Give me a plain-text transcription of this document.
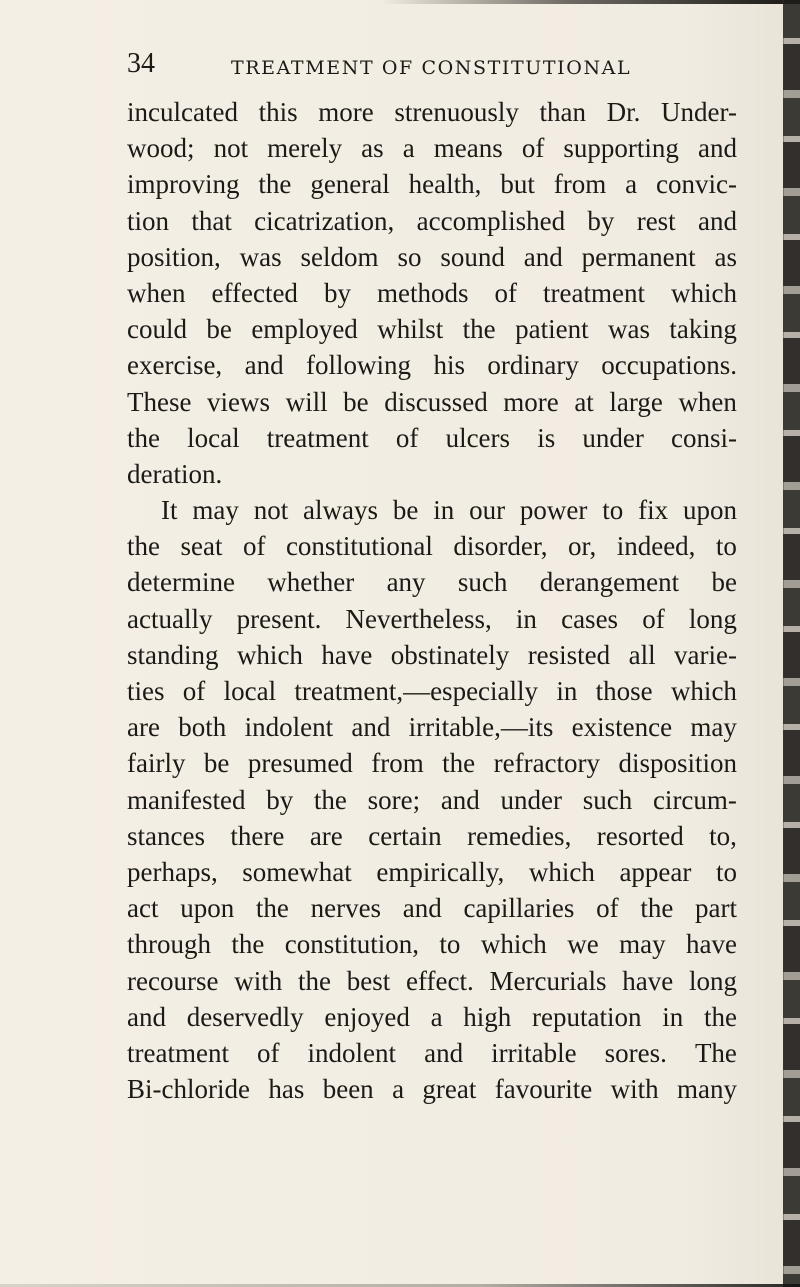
34	TREATMENT OF CONSTITUTIONAL
inculcated this more strenuously than Dr. Under-
wood; not merely as a means of supporting and
improving the general health, but from a convic-
tion that cicatrization, accomplished by rest and
position, was seldom so sound and permanent as
when effected by methods of treatment which
could be employed whilst the patient was taking
exercise, and following his ordinary occupations.
These views will be discussed more at large when
the local treatment of ulcers is under consi-
deration.
It may not always be in our power to fix upon
the seat of constitutional disorder, or, indeed, to
determine whether any such derangement be
actually present. Nevertheless, in cases of long
standing which have obstinately resisted all varie-
ties of local treatment,—especially in those which
are both indolent and irritable,—its existence may
fairly be presumed from the refractory disposition
manifested by the sore; and under such circum-
stances there are certain remedies, resorted to,
perhaps, somewhat empirically, which appear to
act upon the nerves and capillaries of the part
through the constitution, to which we may have
recourse with the best effect. Mercurials have long
and deservedly enjoyed a high reputation in the
treatment of indolent and irritable sores. The
Bi-chloride has been a great favourite with many
